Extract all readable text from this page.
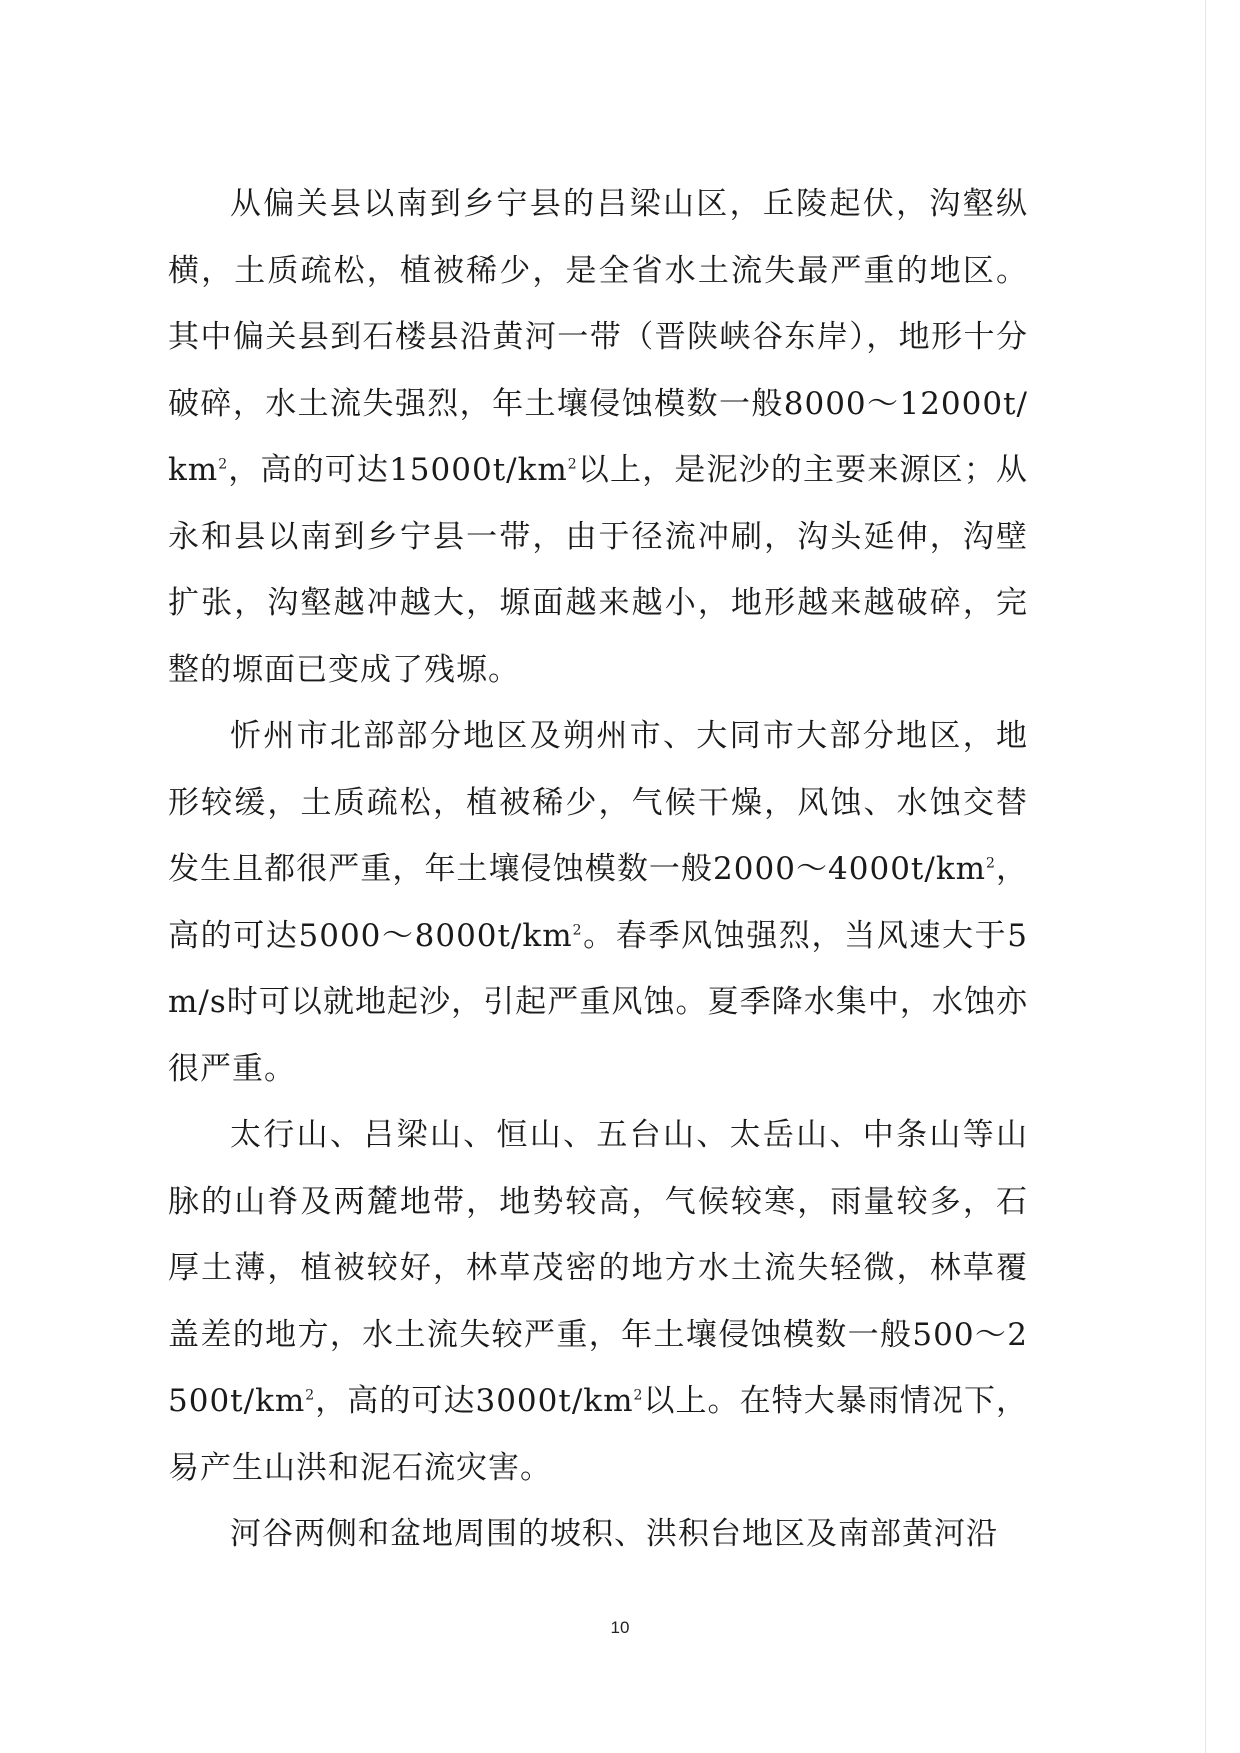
从偏关县以南到乡宁县的吕梁山区，丘陵起伏，沟壑纵横，土质疏松，植被稀少，是全省水土流失最严重的地区。其中偏关县到石楼县沿黄河一带（晋陕峡谷东岸），地形十分破碎，水土流失强烈，年土壤侵蚀模数一般$8000\sim 12000t/km^2$，高的可达$15000t/km^2$以上，是泥沙的主要来源区；从永和县以南到乡宁县一带，由于径流冲刷，沟头延伸，沟壁扩张，沟壑越冲越大，塬面越来越小，地形越来越破碎，完整的塬面已变成了残塬。

忻州市北部部分地区及朔州市、大同市大部分地区，地形较缓，土质疏松，植被稀少，气候干燥，风蚀、水蚀交替发生且都很严重，年土壤侵蚀模数一般$2000\sim 4000t/km^2$，高的可达$5000\sim 8000t/km^2$。春季风蚀强烈，当风速大于5m/s时可以就地起沙，引起严重风蚀。夏季降水集中，水蚀亦很严重。

太行山、吕梁山、恒山、五台山、太岳山、中条山等山脉的山脊及两麓地带，地势较高，气候较寒，雨量较多，石厚土薄，植被较好，林草茂密的地方水土流失轻微，林草覆盖差的地方，水土流失较严重，年土壤侵蚀模数一般$500\sim 2500t/km^2$，高的可达$3000t/km^2$以上。在特大暴雨情况下，易产生山洪和泥石流灾害。

河谷两侧和盆地周围的坡积、洪积台地区及南部黄河沿

10
